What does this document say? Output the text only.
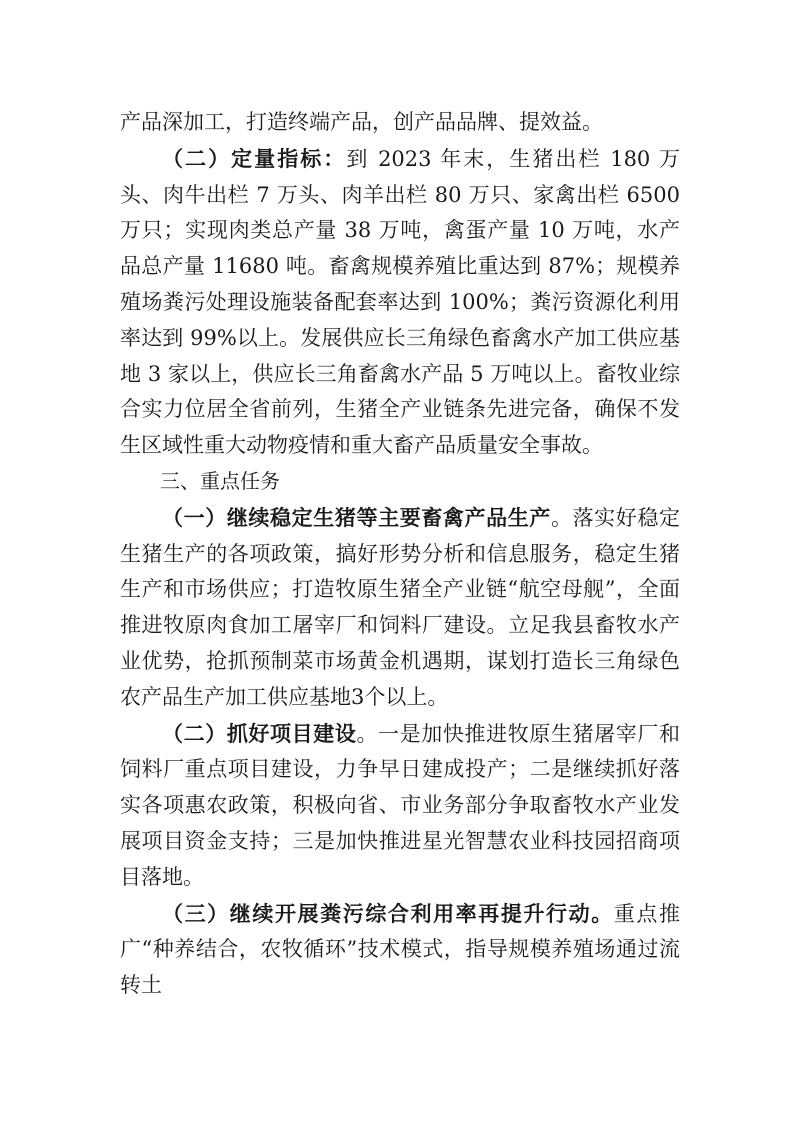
产品深加工，打造终端产品，创产品品牌、提效益。

（二）定量指标：到 2023 年末，生猪出栏 180 万头、肉牛出栏 7 万头、肉羊出栏 80 万只、家禽出栏 6500 万只；实现肉类总产量 38 万吨，禽蛋产量 10 万吨，水产品总产量 11680 吨。畜禽规模养殖比重达到 87%；规模养殖场粪污处理设施装备配套率达到 100%；粪污资源化利用率达到 99%以上。发展供应长三角绿色畜禽水产加工供应基地 3 家以上，供应长三角畜禽水产品 5 万吨以上。畜牧业综合实力位居全省前列，生猪全产业链条先进完备，确保不发生区域性重大动物疫情和重大畜产品质量安全事故。

三、重点任务

（一）继续稳定生猪等主要畜禽产品生产。落实好稳定生猪生产的各项政策，搞好形势分析和信息服务，稳定生猪生产和市场供应；打造牧原生猪全产业链“航空母舰”，全面推进牧原肉食加工屠宰厂和饲料厂建设。立足我县畜牧水产业优势，抢抓预制菜市场黄金机遇期，谋划打造长三角绿色农产品生产加工供应基地3个以上。

（二）抓好项目建设。一是加快推进牧原生猪屠宰厂和饲料厂重点项目建设，力争早日建成投产；二是继续抓好落实各项惠农政策，积极向省、市业务部分争取畜牧水产业发展项目资金支持；三是加快推进星光智慧农业科技园招商项目落地。

（三）继续开展粪污综合利用率再提升行动。重点推广“种养结合，农牧循环”技术模式，指导规模养殖场通过流转土
